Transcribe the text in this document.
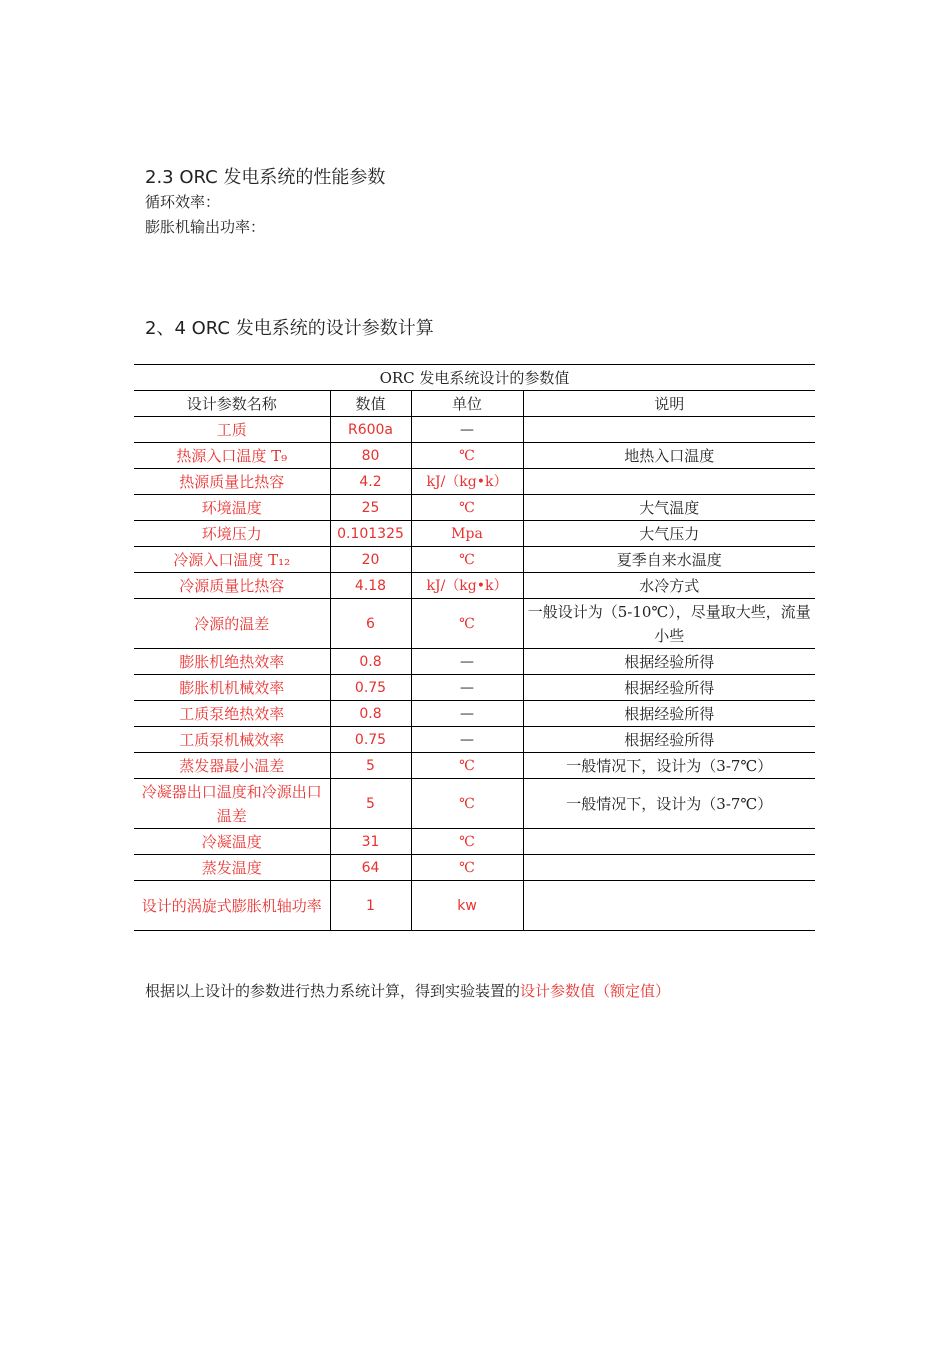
2.3 ORC 发电系统的性能参数
循环效率：
膨胀机输出功率：
2、4 ORC 发电系统的设计参数计算
ORC 发电系统设计的参数值			
设计参数名称	数值	单位	说明
工质	R600a	—	
热源入口温度 T₉	80	℃	地热入口温度
热源质量比热容	4.2	kJ/（kg•k）	
环境温度	25	℃	大气温度
环境压力	0.101325	Mpa	大气压力
冷源入口温度 T₁₂	20	℃	夏季自来水温度
冷源质量比热容	4.18	kJ/（kg•k）	水冷方式
冷源的温差	6	℃	一般设计为（5-10℃），尽量取大些，流量小些
膨胀机绝热效率	0.8	—	根据经验所得
膨胀机机械效率	0.75	—	根据经验所得
工质泵绝热效率	0.8	—	根据经验所得
工质泵机械效率	0.75	—	根据经验所得
蒸发器最小温差	5	℃	一般情况下，设计为（3-7℃）
冷凝器出口温度和冷源出口温差	5	℃	一般情况下，设计为（3-7℃）
冷凝温度	31	℃	
蒸发温度	64	℃	
设计的涡旋式膨胀机轴功率	1	kw	
根据以上设计的参数进行热力系统计算，得到实验装置的设计参数值（额定值）
